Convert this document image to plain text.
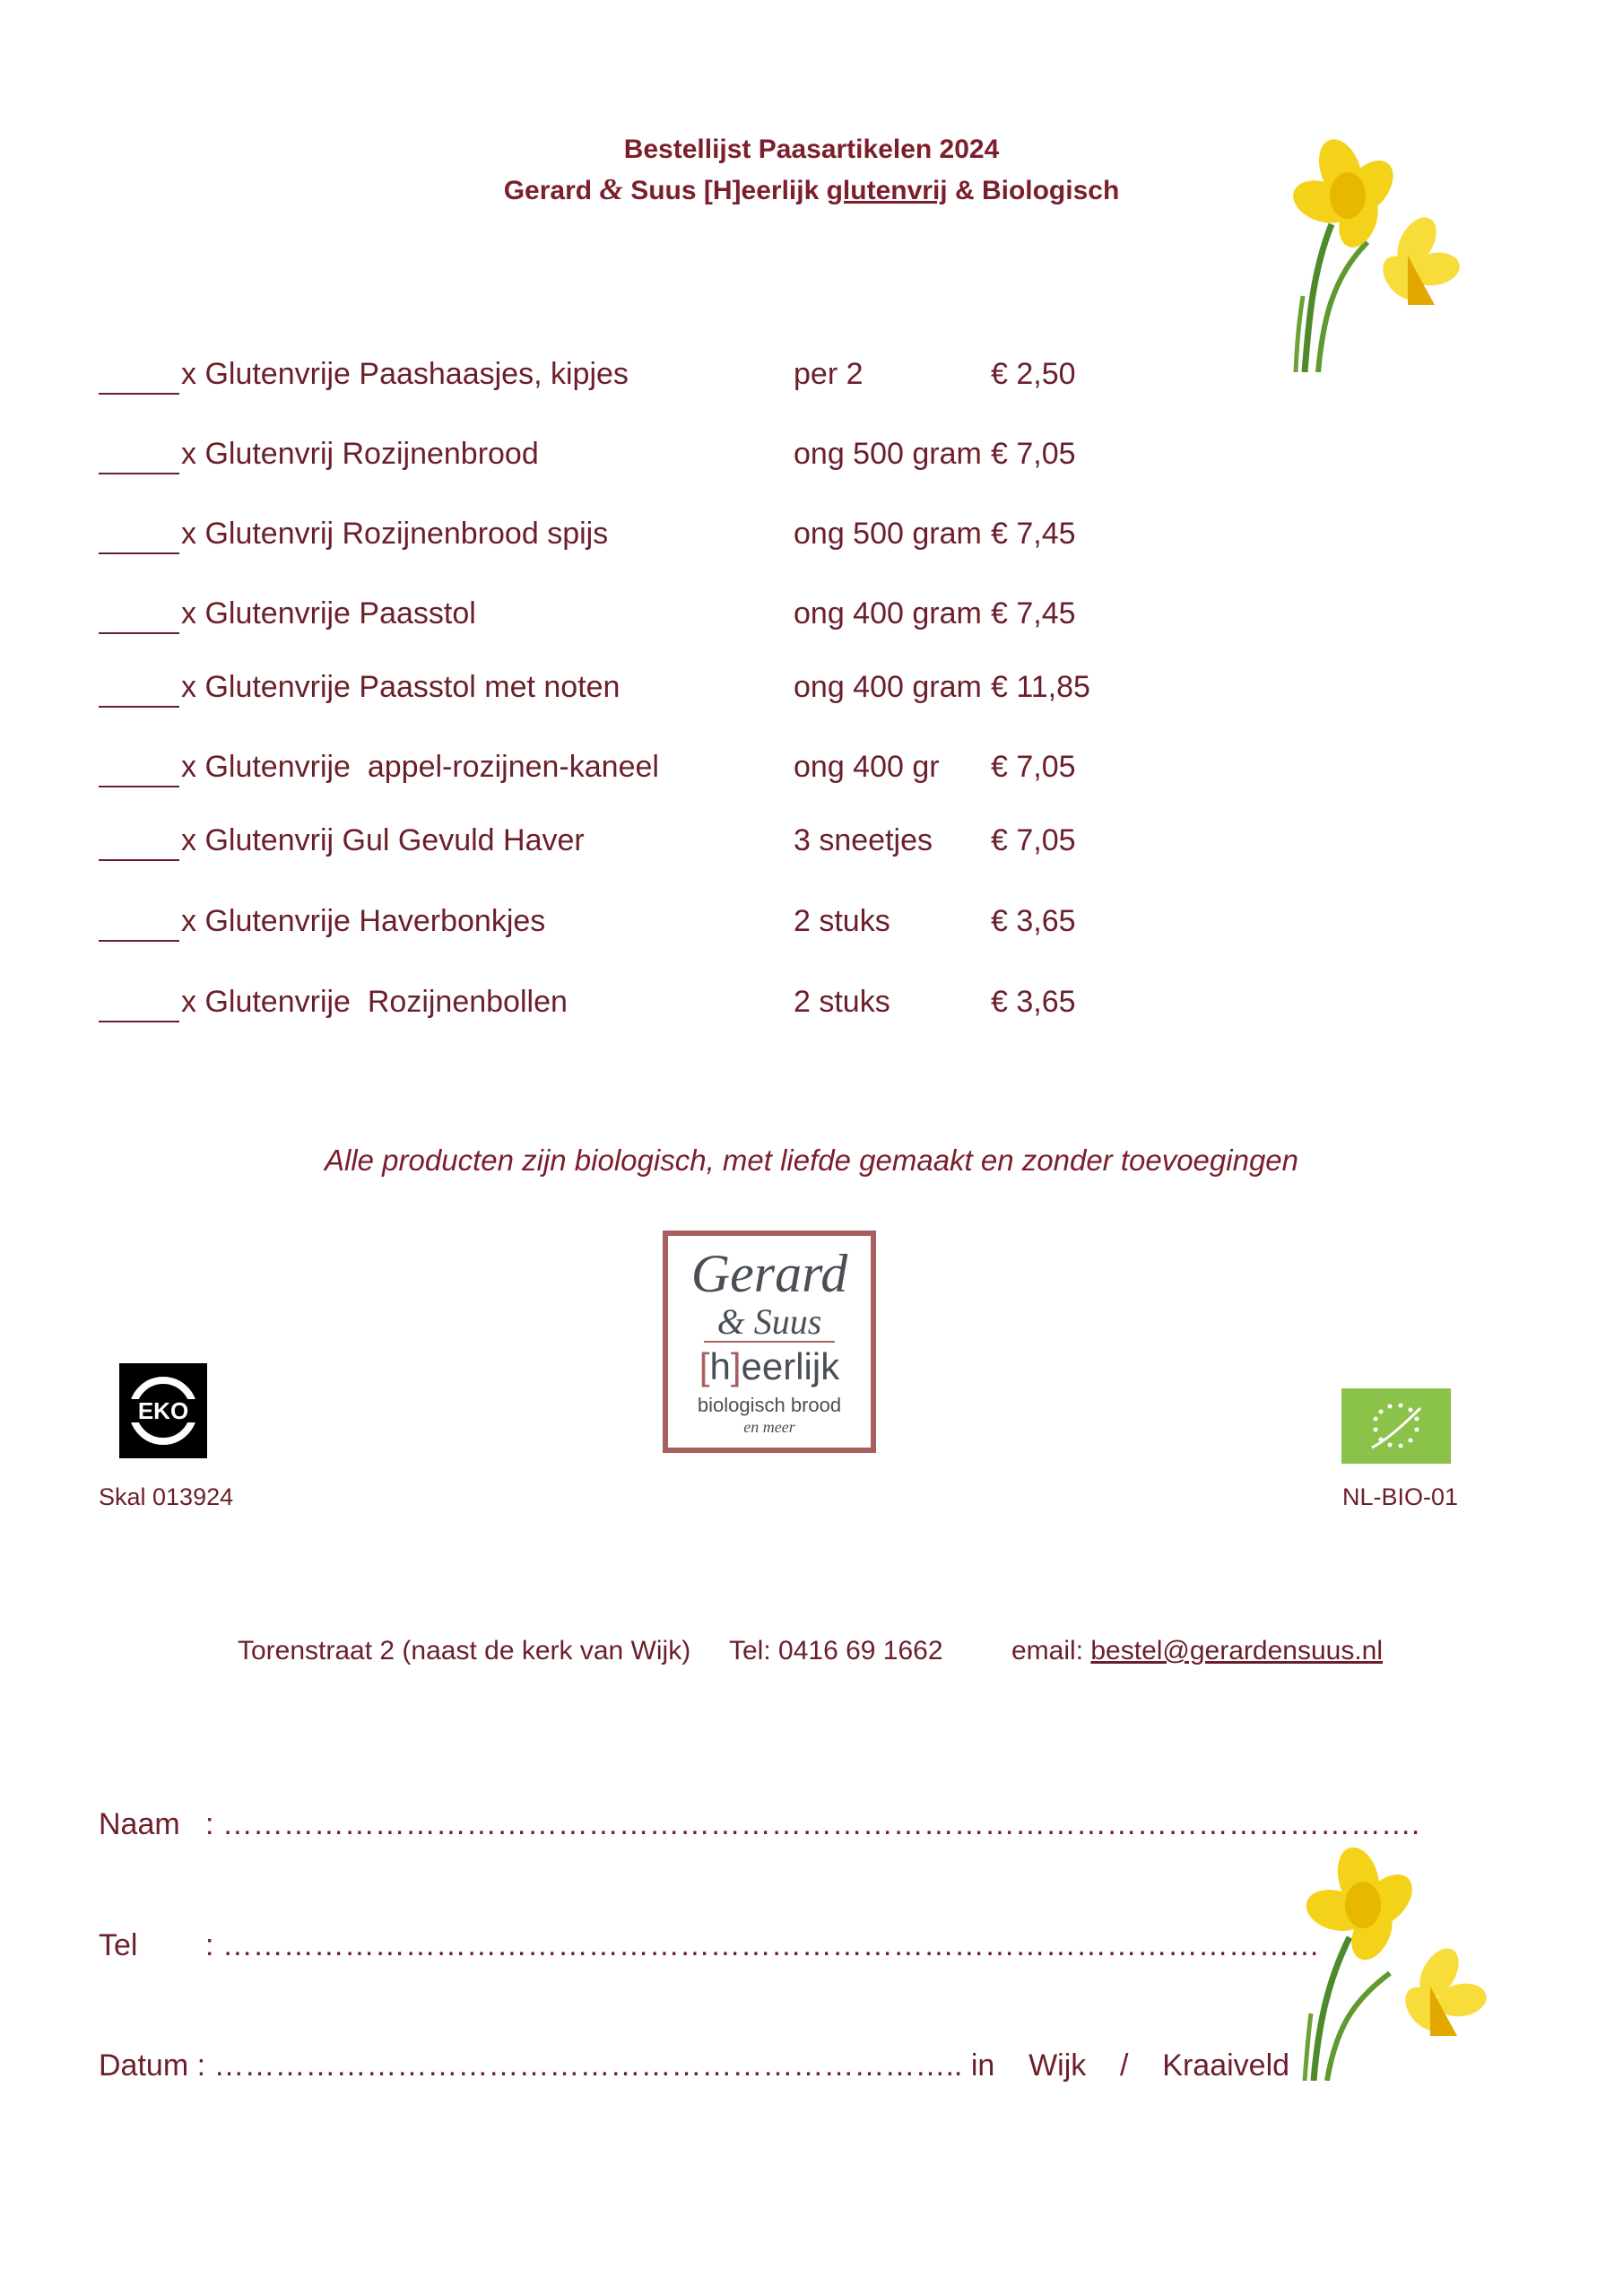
Bestellijst Paasartikelen 2024
Gerard & Suus [H]eerlijk glutenvrij & Biologisch
x Glutenvrije Paashaasjes, kipjes	per 2	€ 2,50
x Glutenvrij Rozijnenbrood	ong 500 gram € 7,05
x Glutenvrij Rozijnenbrood spijs	ong 500 gram € 7,45
x Glutenvrije Paasstol	ong 400 gram € 7,45
x Glutenvrije Paasstol met noten	ong 400 gram € 11,85
x Glutenvrije  appel-rozijnen-kaneel	ong 400 gr € 7,05
x Glutenvrij Gul Gevuld Haver	3 sneetjes € 7,05
x Glutenvrije Haverbonkjes	2 stuks	€ 3,65
x Glutenvrije  Rozijnenbollen	2 stuks	€ 3,65
Alle producten zijn biologisch, met liefde gemaakt en zonder toevoegingen
EKO
Skal 013924
Gerard
& Suus
[h]eerlijk
biologisch brood
en meer
NL-BIO-01
Torenstraat 2 (naast de kerk van Wijk) Tel: 0416 69 1662	email: bestel@gerardensuus.nl
Naam   : ……………………………………………………………………………………………………….
Tel        : ………………………………………………………………………………………………
Datum : ……………………………………………………………….. in    Wijk    /    Kraaiveld
